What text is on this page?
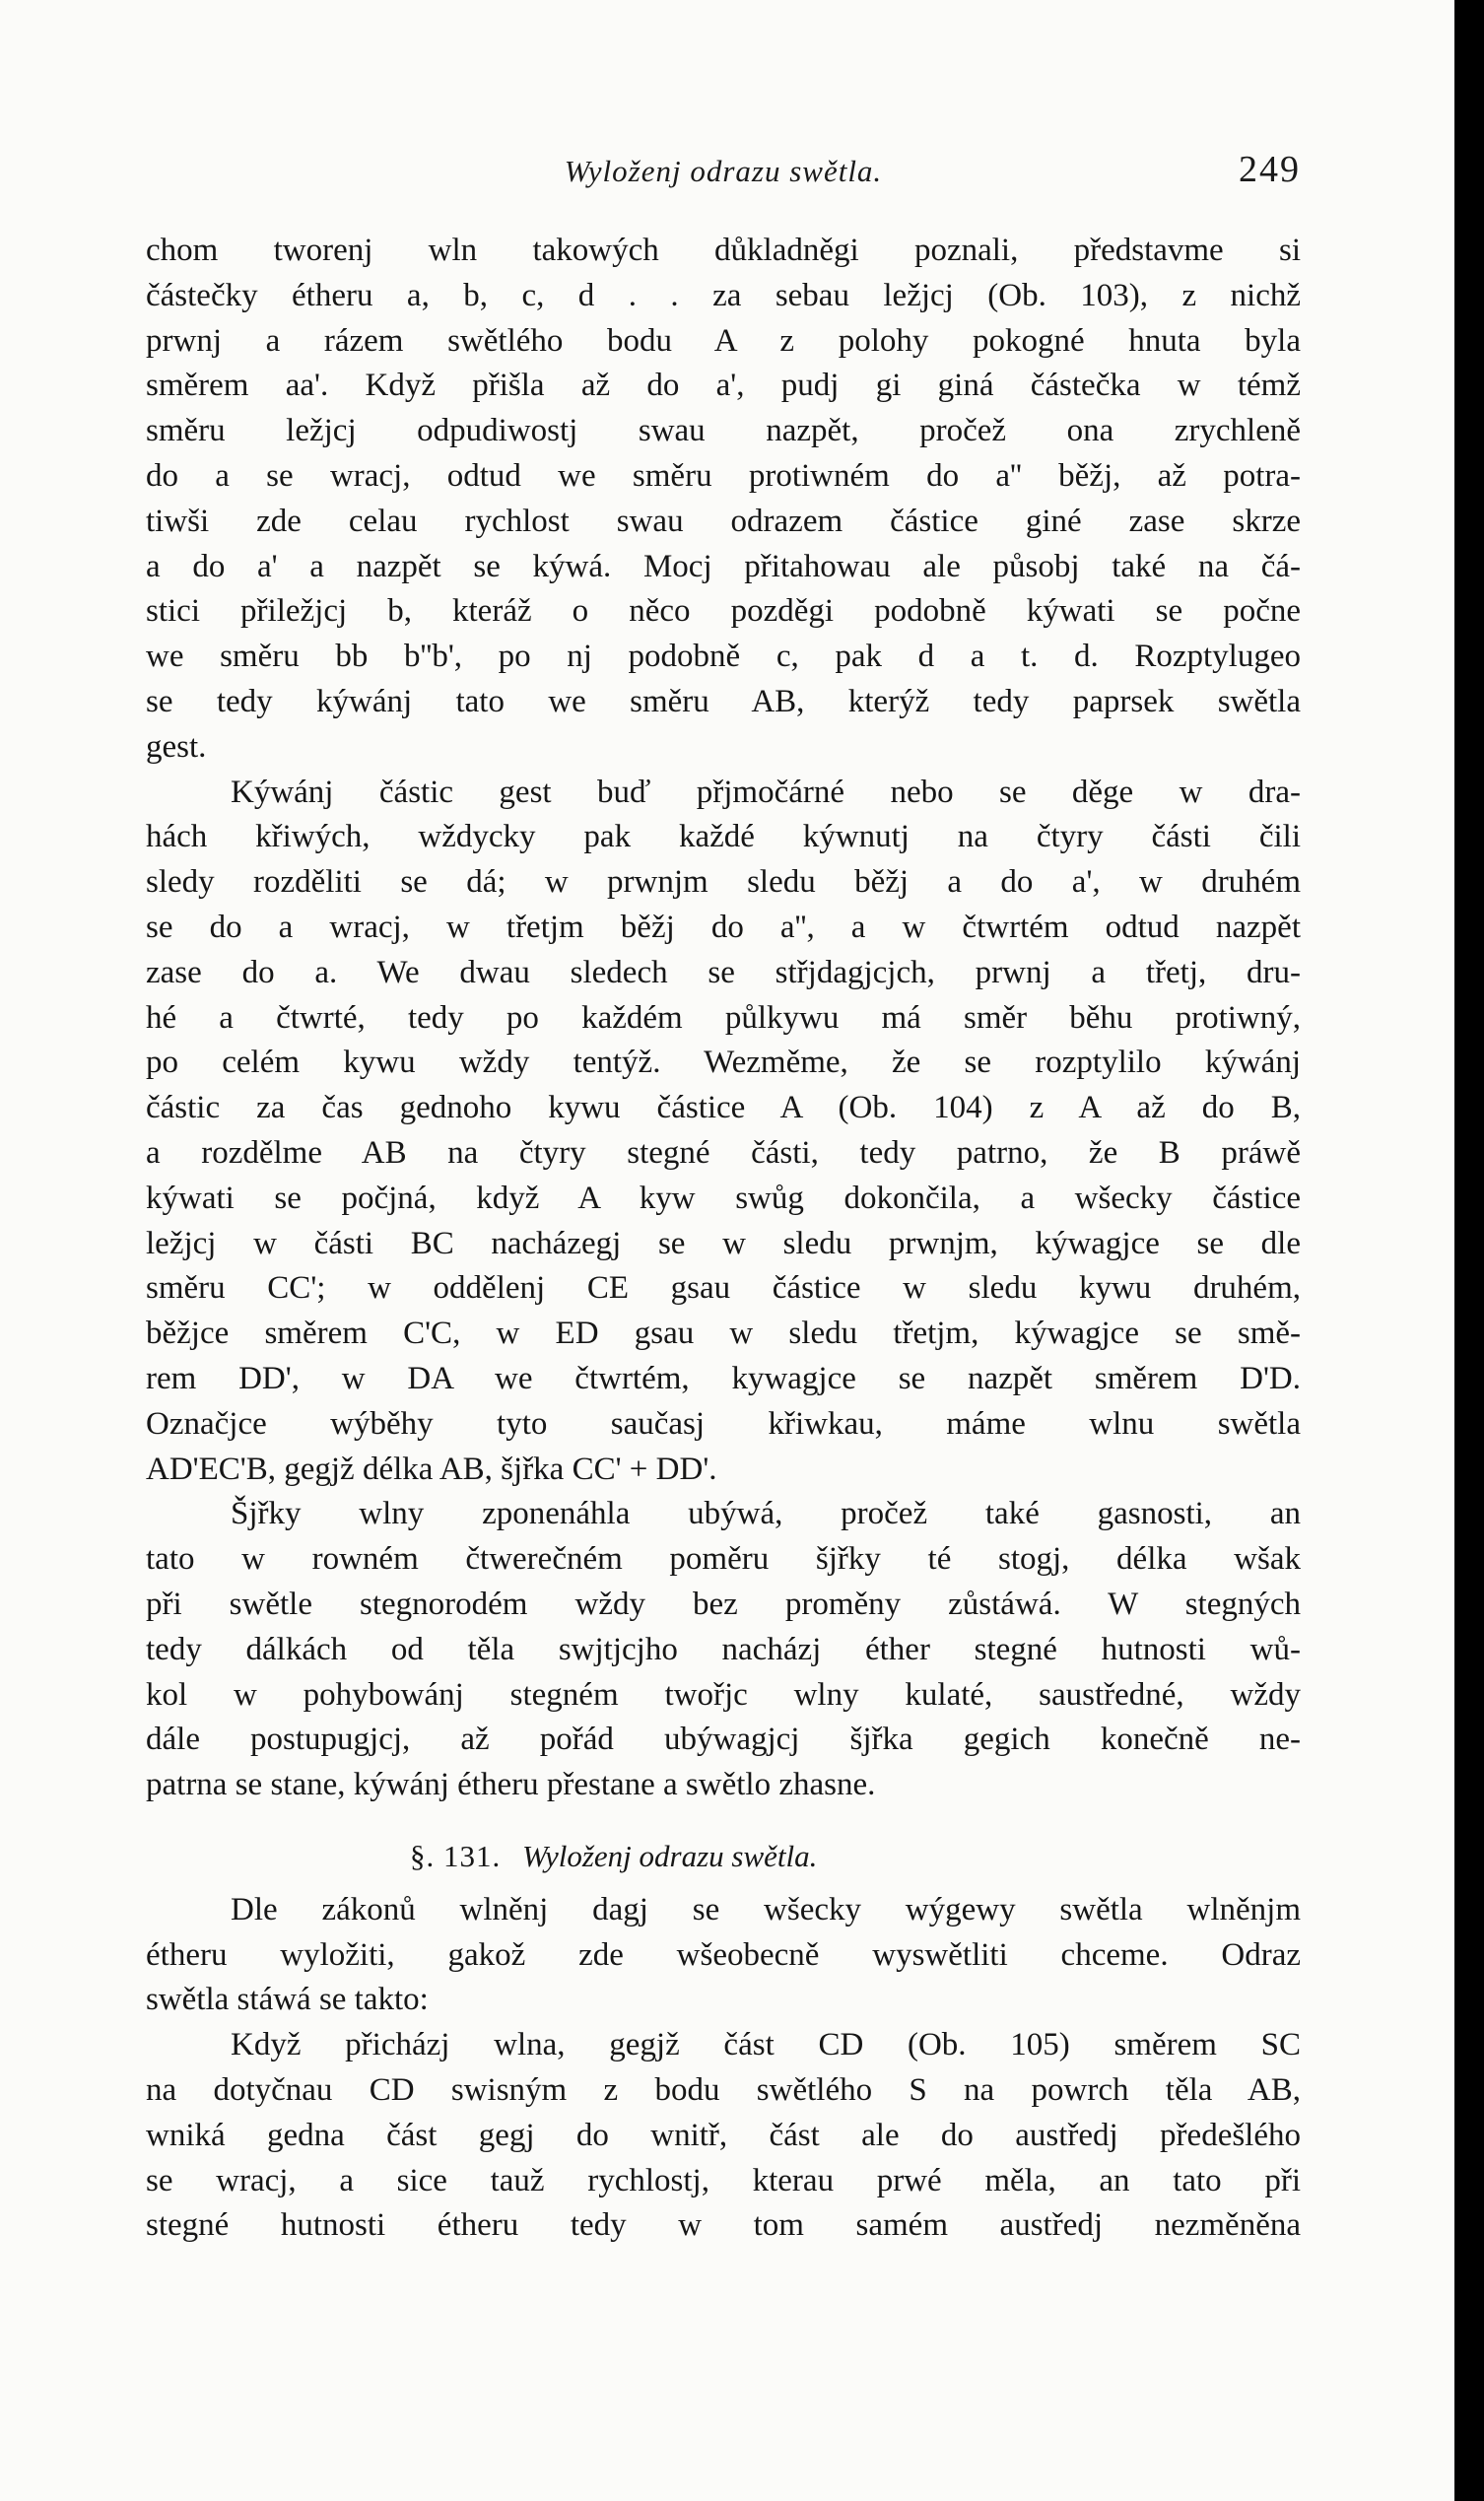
Wyloženj odrazu swětla.	249
chom tworenj wln takowých důkladněgi poznali, představme si
částečky étheru a, b, c, d . . za sebau ležjcj (Ob. 103), z nichž
prwnj a rázem swětlého bodu A z polohy pokogné hnuta byla
směrem aa'. Když přišla až do a', pudj gi giná částečka w témž
směru ležjcj odpudiwostj swau nazpět, pročež ona zrychleně
do a se wracj, odtud we směru protiwném do a'' běžj, až potra-
tiwši zde celau rychlost swau odrazem částice giné zase skrze
a do a' a nazpět se kýwá. Mocj přitahowau ale působj také na čá-
stici přiležjcj b, kteráž o něco pozděgi podobně kýwati se počne
we směru bb b''b', po nj podobně c, pak d a t. d. Rozptylugeo
se tedy kýwánj tato we směru AB, kterýž tedy paprsek swětla
gest.
Kýwánj částic gest buď přjmočárné nebo se děge w dra-
hách křiwých, wždycky pak každé kýwnutj na čtyry části čili
sledy rozděliti se dá; w prwnjm sledu běžj a do a', w druhém
se do a wracj, w třetjm běžj do a'', a w čtwrtém odtud nazpět
zase do a. We dwau sledech se střjdagjcjch, prwnj a třetj, dru-
hé a čtwrté, tedy po každém půlkywu má směr běhu protiwný,
po celém kywu wždy tentýž. Wezměme, že se rozptylilo kýwánj
částic za čas gednoho kywu částice A (Ob. 104) z A až do B,
a rozdělme AB na čtyry stegné části, tedy patrno, že B práwě
kýwati se počjná, když A kyw swůg dokončila, a wšecky částice
ležjcj w části BC nacházegj se w sledu prwnjm, kýwagjce se dle
směru CC'; w oddělenj CE gsau částice w sledu kywu druhém,
běžjce směrem C'C, w ED gsau w sledu třetjm, kýwagjce se smě-
rem DD', w DA we čtwrtém, kywagjce se nazpět směrem D'D.
Označjce wýběhy tyto saučasj křiwkau, máme wlnu swětla
AD'EC'B, gegjž délka AB, šjřka CC' + DD'.
Šjřky wlny zponenáhla ubýwá, pročež také gasnosti, an
tato w rowném čtwerečném poměru šjřky té stogj, délka wšak
při swětle stegnorodém wždy bez proměny zůstáwá. W stegných
tedy dálkách od těla swjtjcjho nacházj éther stegné hutnosti wů-
kol w pohybowánj stegném twořjc wlny kulaté, saustředné, wždy
dále postupugjcj, až pořád ubýwagjcj šjřka gegich konečně ne-
patrna se stane, kýwánj étheru přestane a swětlo zhasne.
§. 131. Wyloženj odrazu swětla.
Dle zákonů wlněnj dagj se wšecky wýgewy swětla wlněnjm
étheru wyložiti, gakož zde wšeobecně wyswětliti chceme. Odraz
swětla stáwá se takto:
Když přicházj wlna, gegjž část CD (Ob. 105) směrem SC
na dotyčnau CD swisným z bodu swětlého S na powrch těla AB,
wniká gedna část gegj do wnitř, část ale do austředj předešlého
se wracj, a sice tauž rychlostj, kterau prwé měla, an tato při
stegné hutnosti étheru tedy w tom samém austředj nezměněna
